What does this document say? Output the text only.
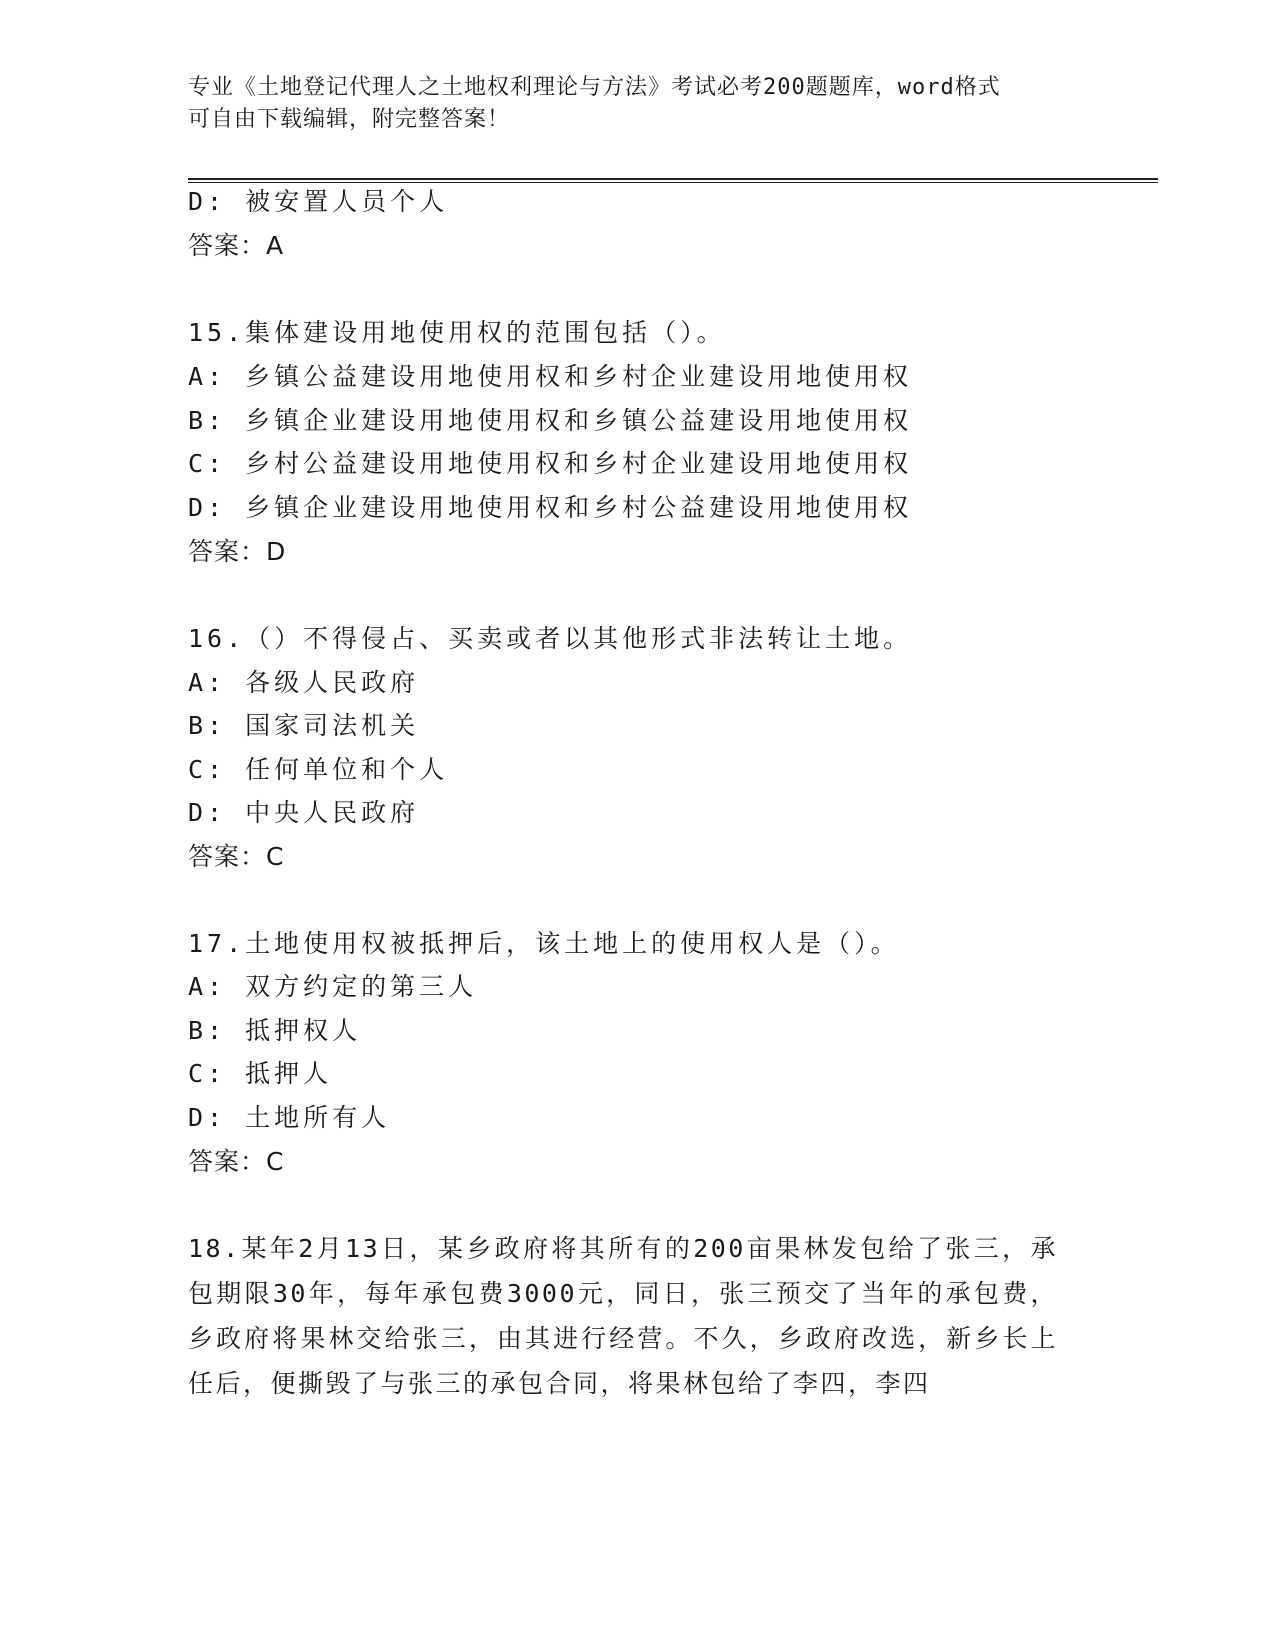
专业《土地登记代理人之土地权利理论与方法》考试必考200题题库，word格式
可自由下载编辑，附完整答案！
D: 被安置人员个人
答案：A
15.集体建设用地使用权的范围包括（）。
A: 乡镇公益建设用地使用权和乡村企业建设用地使用权
B: 乡镇企业建设用地使用权和乡镇公益建设用地使用权
C: 乡村公益建设用地使用权和乡村企业建设用地使用权
D: 乡镇企业建设用地使用权和乡村公益建设用地使用权
答案：D
16.（）不得侵占、买卖或者以其他形式非法转让土地。
A: 各级人民政府
B: 国家司法机关
C: 任何单位和个人
D: 中央人民政府
答案：C
17.土地使用权被抵押后，该土地上的使用权人是（）。
A: 双方约定的第三人
B: 抵押权人
C: 抵押人
D: 土地所有人
答案：C
18.某年2月13日，某乡政府将其所有的200亩果林发包给了张三，承包期限30年，每年承包费3000元，同日，张三预交了当年的承包费，乡政府将果林交给张三，由其进行经营。不久，乡政府改选，新乡长上任后，便撕毁了与张三的承包合同，将果林包给了李四，李四
